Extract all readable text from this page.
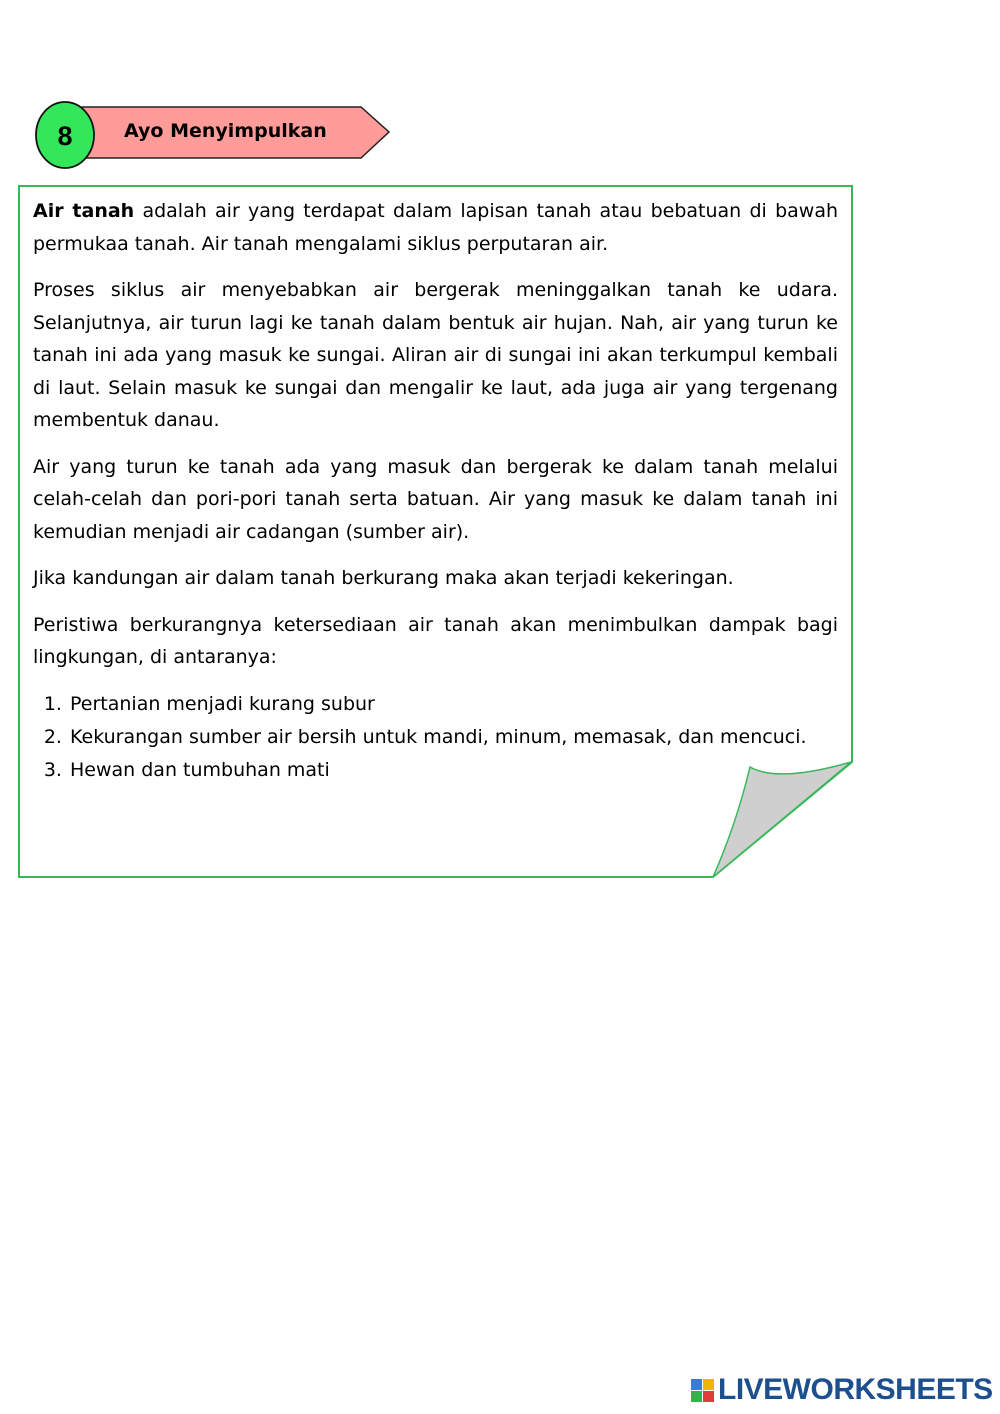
8	Ayo Menyimpulkan

Air tanah adalah air yang terdapat dalam lapisan tanah atau bebatuan di bawah permukaa tanah. Air tanah mengalami siklus perputaran air.

Proses siklus air menyebabkan air bergerak meninggalkan tanah ke udara. Selanjutnya, air turun lagi ke tanah dalam bentuk air hujan. Nah, air yang turun ke tanah ini ada yang masuk ke sungai. Aliran air di sungai ini akan terkumpul kembali di laut. Selain masuk ke sungai dan mengalir ke laut, ada juga air yang tergenang membentuk danau.

Air yang turun ke tanah ada yang masuk dan bergerak ke dalam tanah melalui celah-celah dan pori-pori tanah serta batuan. Air yang masuk ke dalam tanah ini kemudian menjadi air cadangan (sumber air).

Jika kandungan air dalam tanah berkurang maka akan terjadi kekeringan.

Peristiwa berkurangnya ketersediaan air tanah akan menimbulkan dampak bagi lingkungan, di antaranya:

1. Pertanian menjadi kurang subur
2. Kekurangan sumber air bersih untuk mandi, minum, memasak, dan mencuci.
3. Hewan dan tumbuhan mati
LIVEWORKSHEETS
